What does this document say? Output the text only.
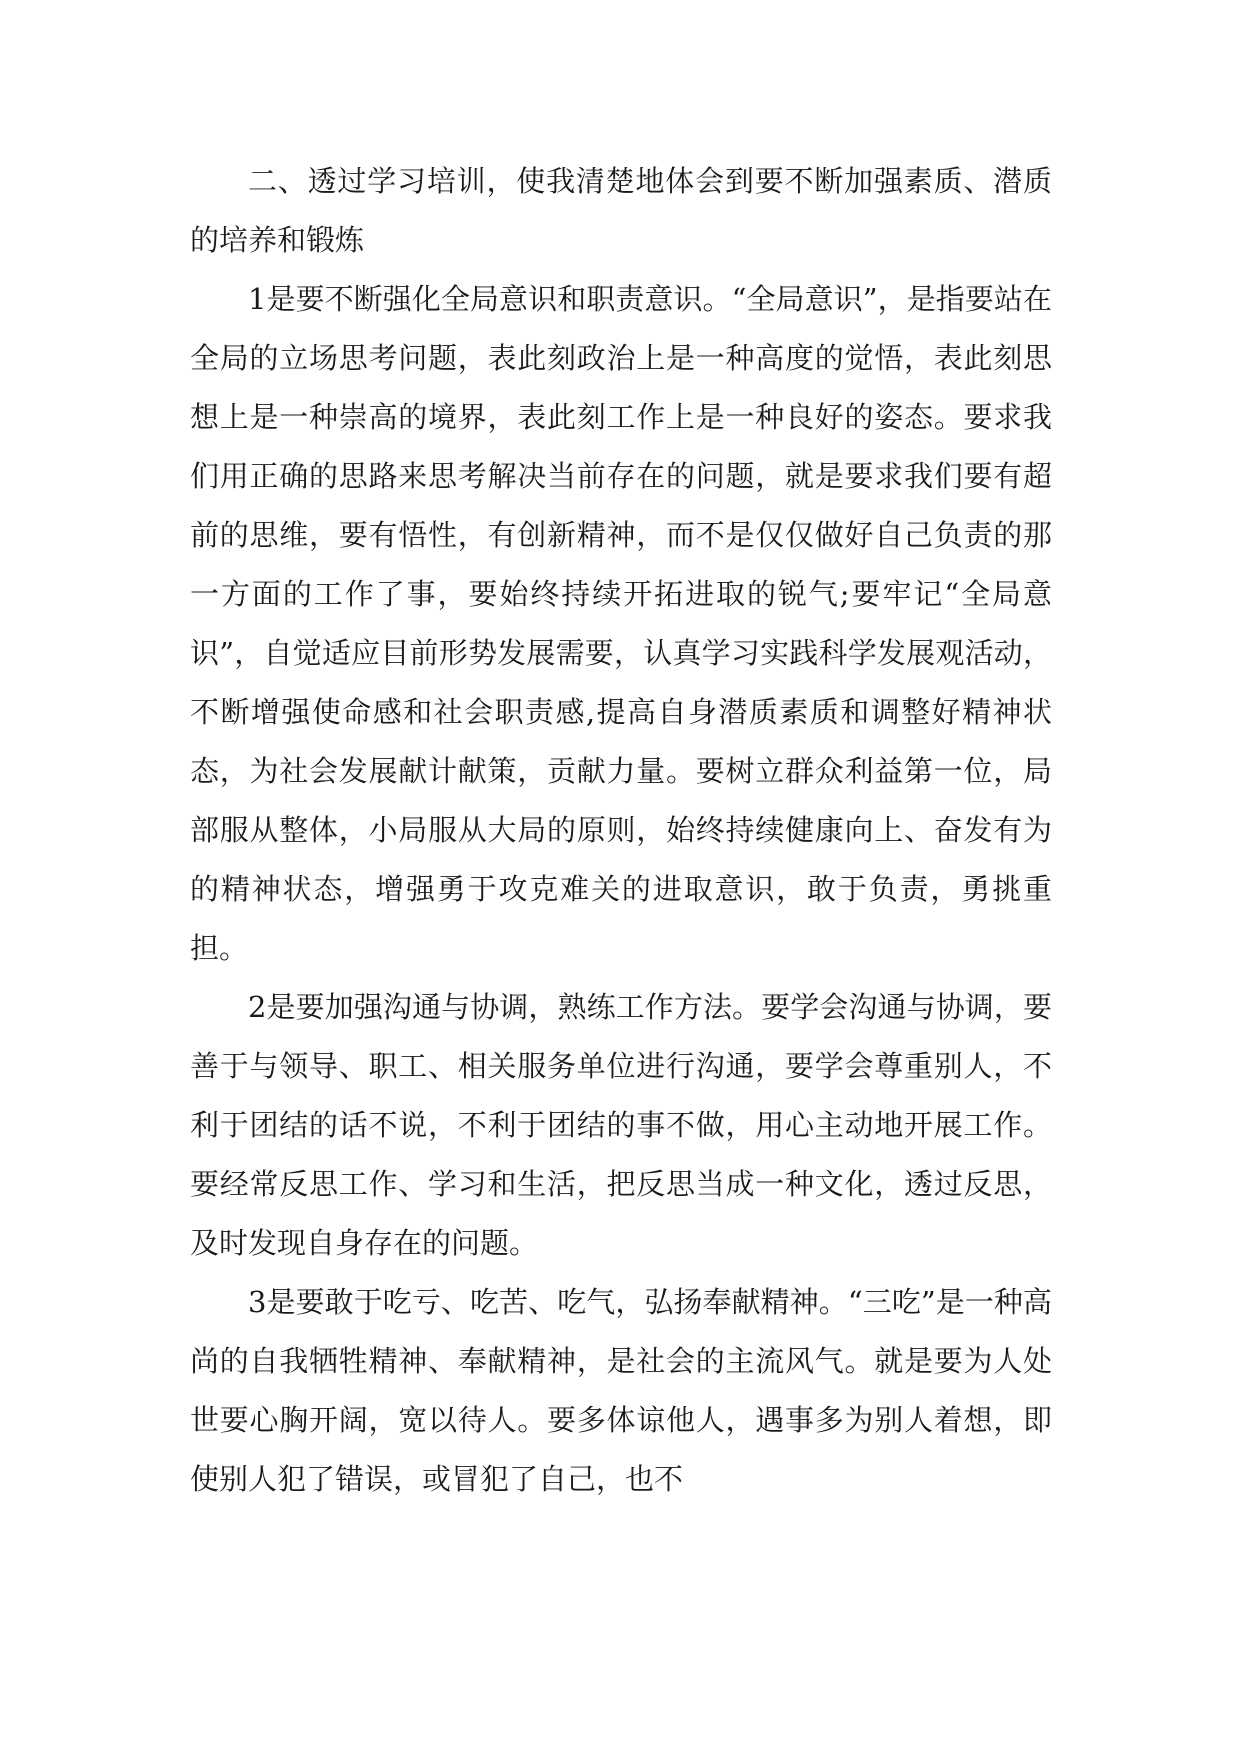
二、透过学习培训，使我清楚地体会到要不断加强素质、潜质的培养和锻炼

1是要不断强化全局意识和职责意识。“全局意识”，是指要站在全局的立场思考问题，表此刻政治上是一种高度的觉悟，表此刻思想上是一种崇高的境界，表此刻工作上是一种良好的姿态。要求我们用正确的思路来思考解决当前存在的问题，就是要求我们要有超前的思维，要有悟性，有创新精神，而不是仅仅做好自己负责的那一方面的工作了事，要始终持续开拓进取的锐气;要牢记“全局意识”，自觉适应目前形势发展需要，认真学习实践科学发展观活动，不断增强使命感和社会职责感,提高自身潜质素质和调整好精神状态，为社会发展献计献策，贡献力量。要树立群众利益第一位，局部服从整体，小局服从大局的原则，始终持续健康向上、奋发有为的精神状态，增强勇于攻克难关的进取意识，敢于负责，勇挑重担。

2是要加强沟通与协调，熟练工作方法。要学会沟通与协调，要善于与领导、职工、相关服务单位进行沟通，要学会尊重别人，不利于团结的话不说，不利于团结的事不做，用心主动地开展工作。要经常反思工作、学习和生活，把反思当成一种文化，透过反思，及时发现自身存在的问题。

3是要敢于吃亏、吃苦、吃气，弘扬奉献精神。“三吃”是一种高尚的自我牺牲精神、奉献精神，是社会的主流风气。就是要为人处世要心胸开阔，宽以待人。要多体谅他人，遇事多为别人着想，即使别人犯了错误，或冒犯了自己，也不
